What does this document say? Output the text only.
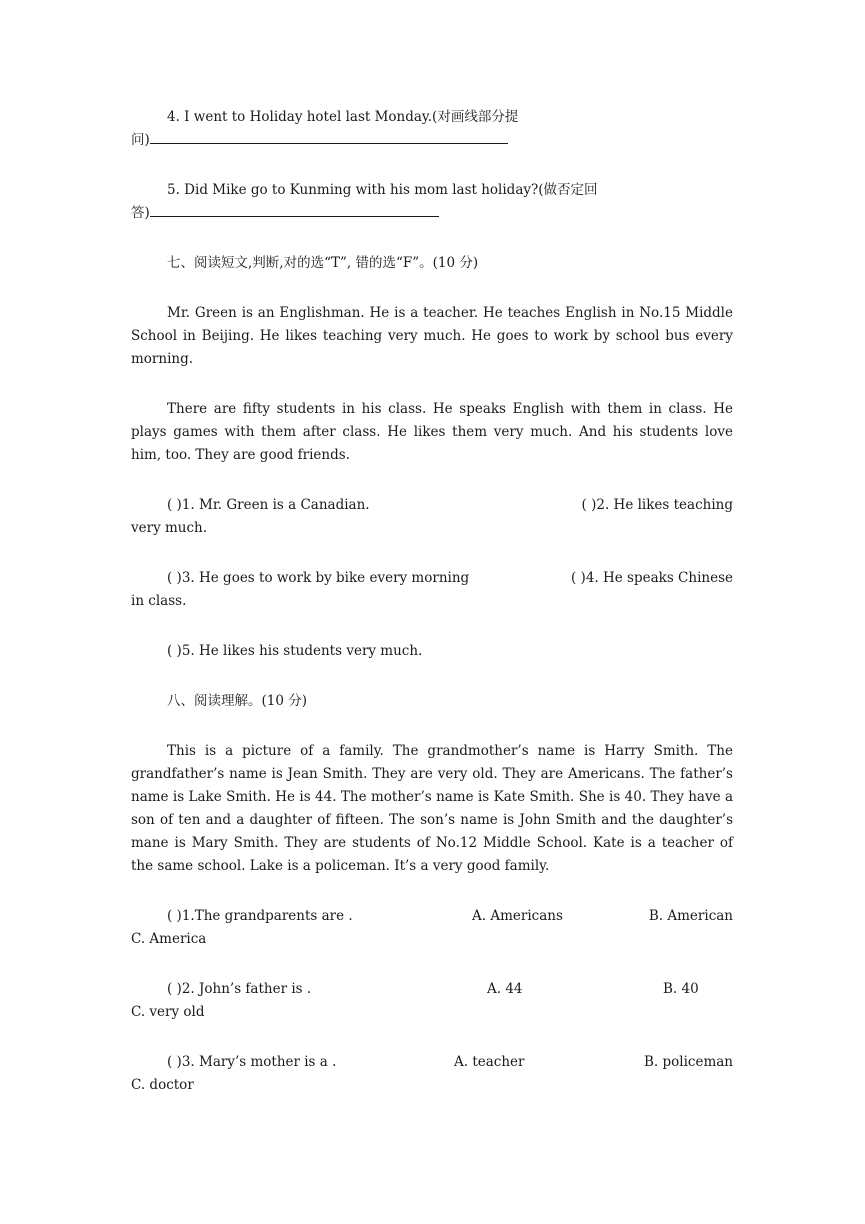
4. I went to Holiday hotel last Monday.(对画线部分提
问)
5. Did Mike go to Kunming with his mom last holiday?(做否定回
答)
七、阅读短文,判断,对的选“T”, 错的选“F”。(10 分)
Mr. Green is an Englishman. He is a teacher. He teaches English in No.15 Middle School in Beijing. He likes teaching very much. He goes to work by school bus every morning.
There are fifty students in his class. He speaks English with them in class. He plays games with them after class. He likes them very much. And his students love him, too. They are good friends.
( )1. Mr. Green is a Canadian.	( )2. He likes teaching
very much.
( )3. He goes to work by bike every morning	( )4. He speaks Chinese
in class.
( )5. He likes his students very much.
八、阅读理解。(10 分)
This is a picture of a family. The grandmother’s name is Harry Smith. The grandfather’s name is Jean Smith. They are very old. They are Americans. The father’s name is Lake Smith. He is 44. The mother’s name is Kate Smith. She is 40. They have a son of ten and a daughter of fifteen. The son’s name is John Smith and the daughter’s mane is Mary Smith. They are students of No.12 Middle School. Kate is a teacher of the same school. Lake is a policeman. It’s a very good family.
( )1.The grandparents are .	A. Americans	B. American
C. America
( )2. John’s father is .	A. 44	B. 40
C. very old
( )3. Mary’s mother is a .	A. teacher	B. policeman
C. doctor
